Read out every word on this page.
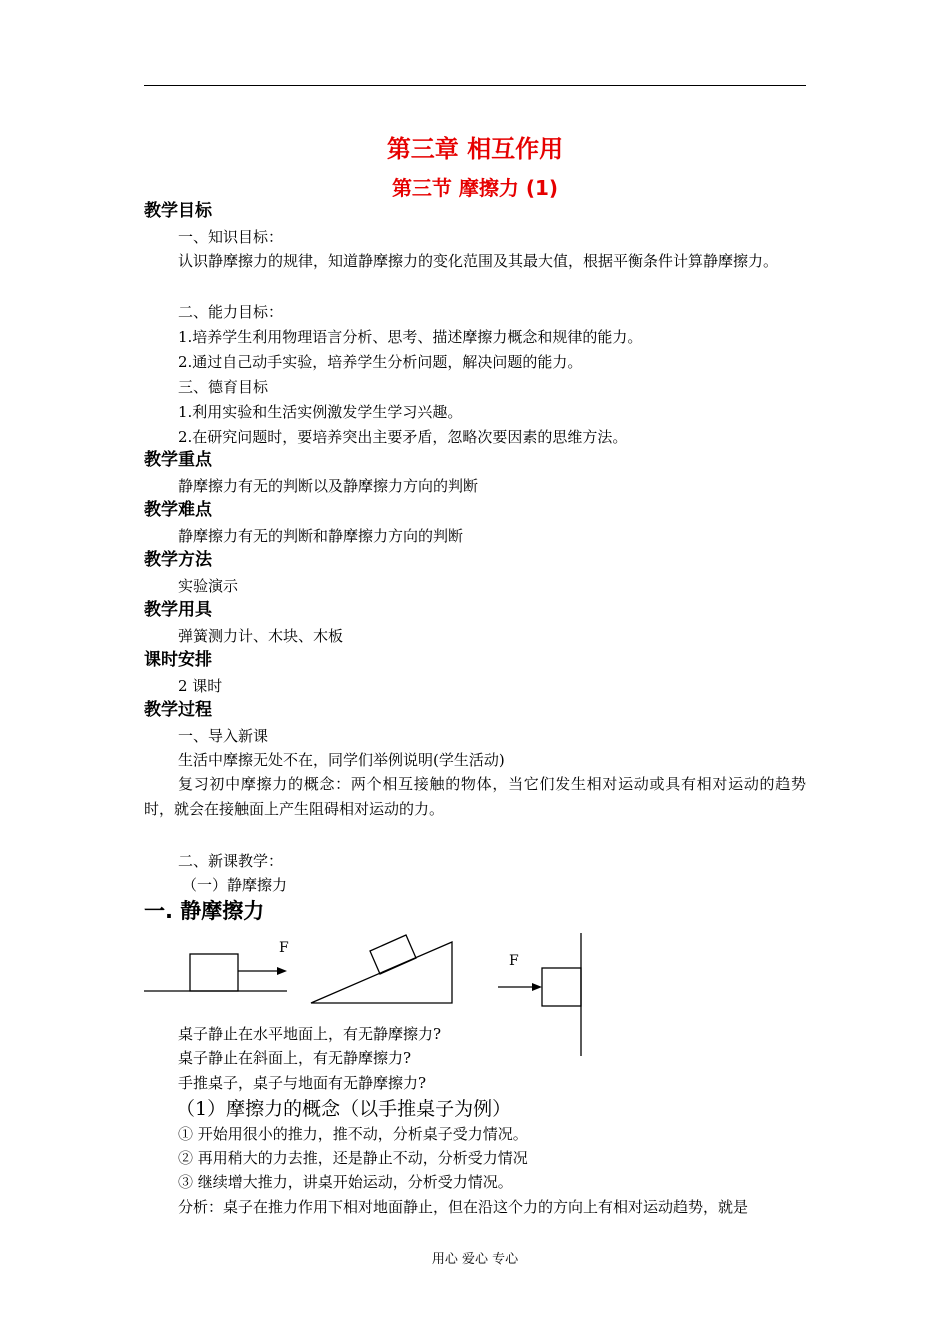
第三章 相互作用
第三节 摩擦力 (1)
教学目标
一、知识目标：
认识静摩擦力的规律，知道静摩擦力的变化范围及其最大值，根据平衡条件计算静摩擦力。
二、能力目标：
1.培养学生利用物理语言分析、思考、描述摩擦力概念和规律的能力。
2.通过自己动手实验，培养学生分析问题，解决问题的能力。
三、德育目标
1.利用实验和生活实例激发学生学习兴趣。
2.在研究问题时，要培养突出主要矛盾，忽略次要因素的思维方法。
教学重点
静摩擦力有无的判断以及静摩擦力方向的判断
教学难点
静摩擦力有无的判断和静摩擦力方向的判断
教学方法
实验演示
教学用具
弹簧测力计、木块、木板
课时安排
2 课时
教学过程
一、导入新课
生活中摩擦无处不在，同学们举例说明(学生活动)
复习初中摩擦力的概念：两个相互接触的物体，当它们发生相对运动或具有相对运动的趋势时，就会在接触面上产生阻碍相对运动的力。
二、新课教学：
（一）静摩擦力
一. 静摩擦力
F
F
桌子静止在水平地面上，有无静摩擦力?
桌子静止在斜面上，有无静摩擦力?
手推桌子，桌子与地面有无静摩擦力?
（1）摩擦力的概念（以手推桌子为例）
① 开始用很小的推力，推不动，分析桌子受力情况。
② 再用稍大的力去推，还是静止不动，分析受力情况
③ 继续增大推力，讲桌开始运动，分析受力情况。
分析：桌子在推力作用下相对地面静止，但在沿这个力的方向上有相对运动趋势，就是
用心 爱心 专心
